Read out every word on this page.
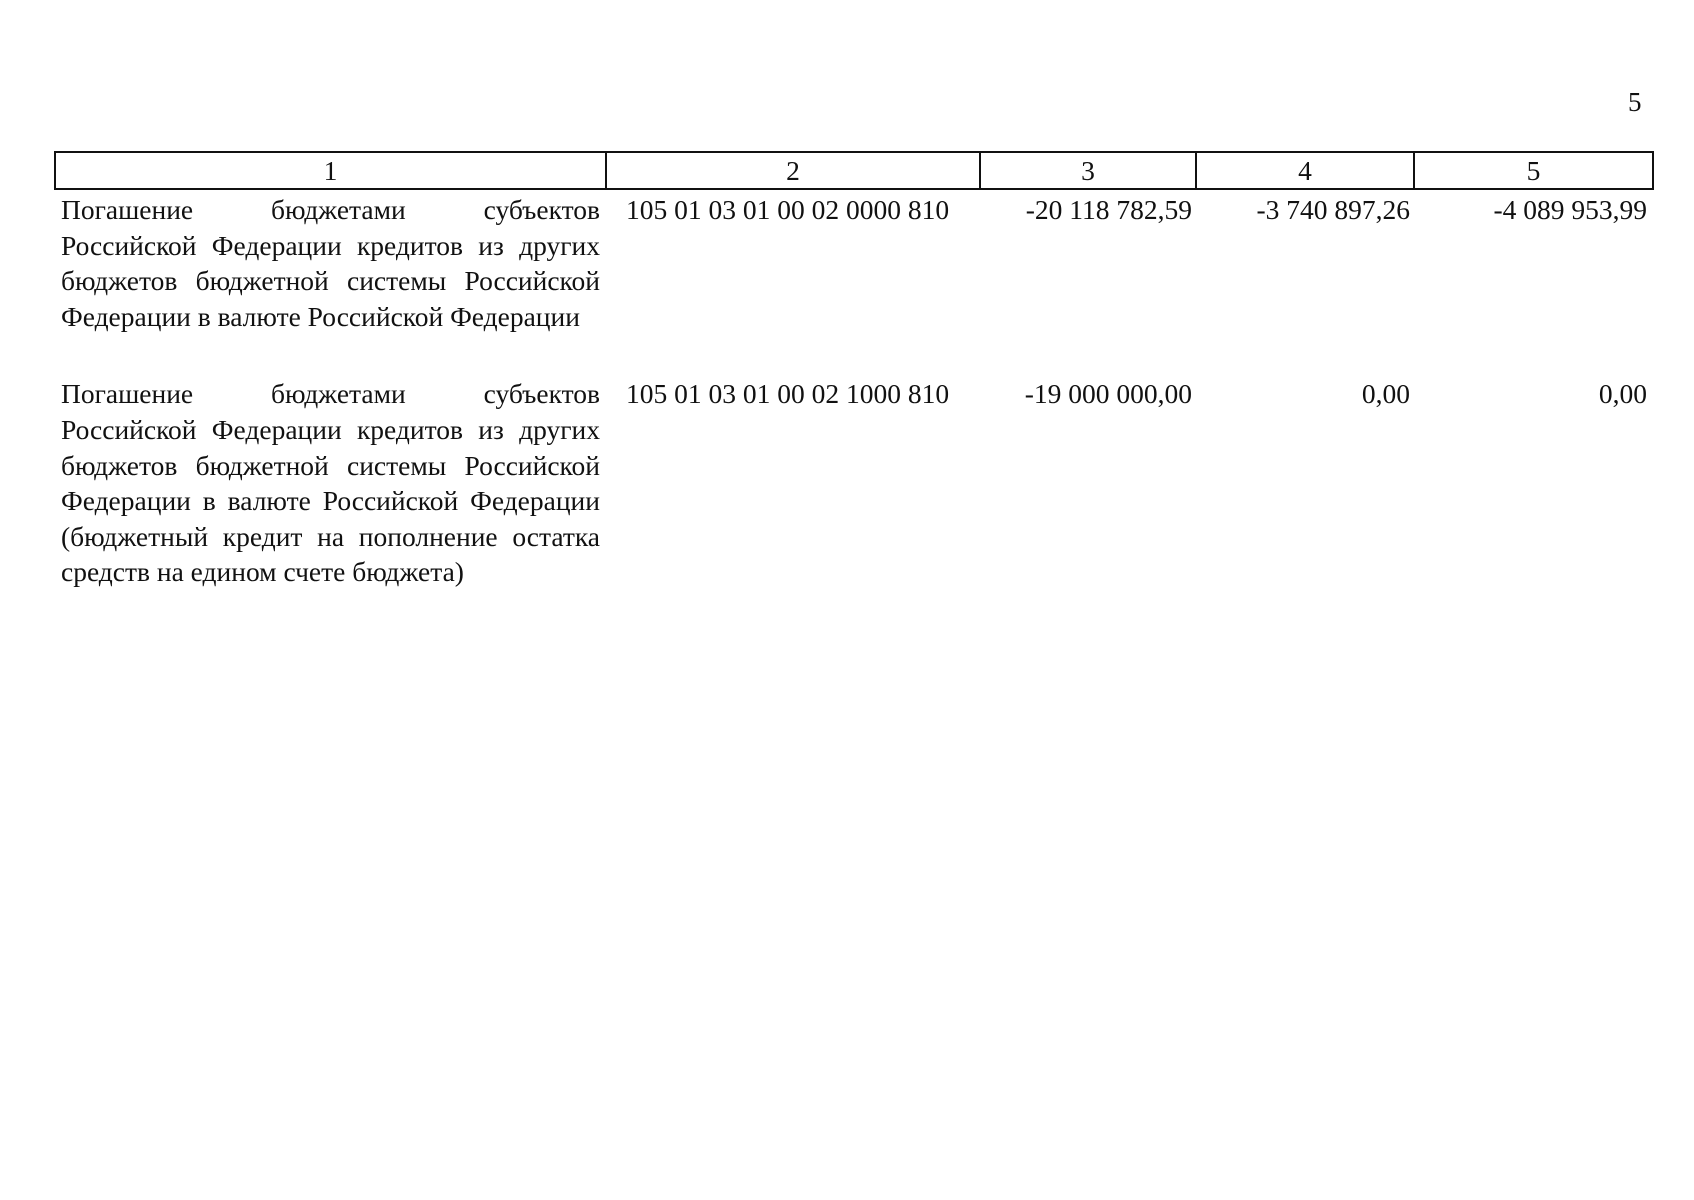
5
1	2	3	4	5
Погашение бюджетами субъектов Российской Федерации кредитов из других бюджетов бюджетной системы Российской Федерации в валюте Российской Федерации	105 01 03 01 00 02 0000 810	-20 118 782,59	-3 740 897,26	-4 089 953,99
Погашение бюджетами субъектов Российской Федерации кредитов из других бюджетов бюджетной системы Российской Федерации в валюте Российской Федерации (бюджетный кредит на пополнение остатка средств на едином счете бюджета)	105 01 03 01 00 02 1000 810	-19 000 000,00	0,00	0,00
